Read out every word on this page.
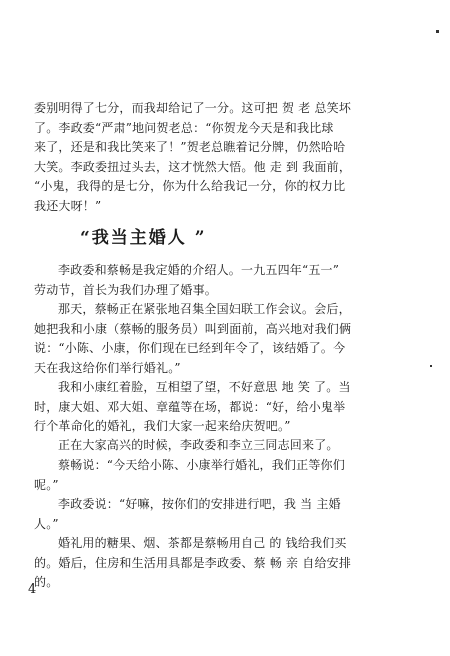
委别明得了七分，而我却给记了一分。这可把 贺 老 总笑坏
了。李政委“严肃”地问贺老总：“你贺龙今天是和我比球
来了，还是和我比笑来了！”贺老总瞧着记分牌，仍然哈哈
大笑。李政委扭过头去，这才恍然大悟。他 走 到 我面前，
“小鬼，我得的是七分，你为什么给我记一分，你的权力比
我还大呀！”

“我当主婚人 ”

李政委和蔡畅是我定婚的介绍人。一九五四年“五一”
劳动节，首长为我们办理了婚事。

那天，蔡畅正在紧张地召集全国妇联工作会议。会后，
她把我和小康（蔡畅的服务员）叫到面前，高兴地对我们俩
说：“小陈、小康，你们现在已经到年令了，该结婚了。今
天在我这给你们举行婚礼。”

我和小康红着脸，互相望了望，不好意思 地 笑 了。当
时，康大姐、邓大姐、章蕴等在场，都说：“好，给小鬼举
行个革命化的婚礼，我们大家一起来给庆贺吧。”

正在大家高兴的时候，李政委和李立三同志回来了。

蔡畅说：“今天给小陈、小康举行婚礼，我们正等你们
呢。”

李政委说：“好嘛，按你们的安排进行吧，我 当 主婚
人。”

婚礼用的糖果、烟、茶都是蔡畅用自己 的 钱给我们买
的。婚后，住房和生活用具都是李政委、蔡 畅 亲 自给安排
的。

4
